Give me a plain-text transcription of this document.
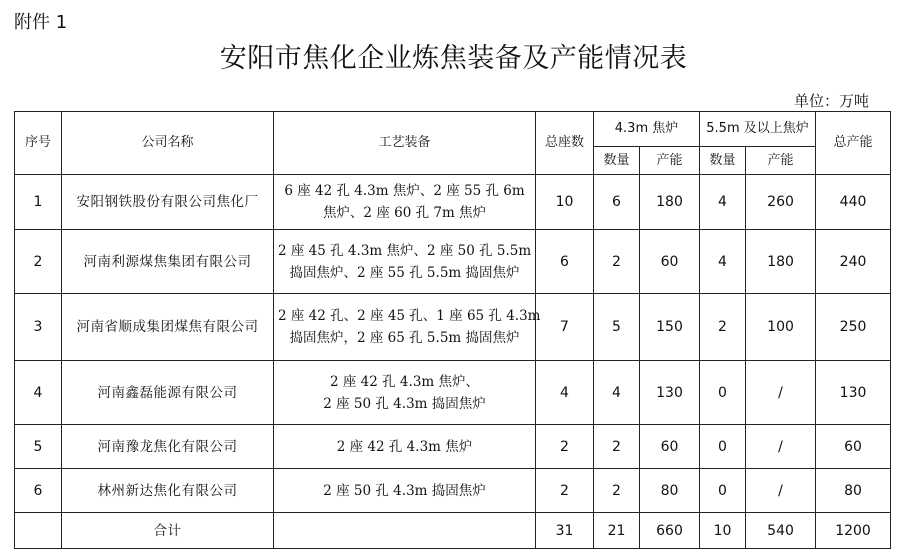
附件 1
安阳市焦化企业炼焦装备及产能情况表
单位：万吨
序号	公司名称	工艺装备	总座数	4.3m 焦炉		5.5m 及以上焦炉		总产能
				数量	产能	数量	产能	
1	安阳钢铁股份有限公司焦化厂	6 座 42 孔 4.3m 焦炉、2 座 55 孔 6m
焦炉、2 座 60 孔 7m 焦炉	10	6	180	4	260	440
2	河南利源煤焦集团有限公司	2 座 45 孔 4.3m 焦炉、2 座 50 孔 5.5m
捣固焦炉、2 座 55 孔 5.5m 捣固焦炉	6	2	60	4	180	240
3	河南省顺成集团煤焦有限公司	2 座 42 孔、2 座 45 孔、1 座 65 孔 4.3m
捣固焦炉，2 座 65 孔 5.5m 捣固焦炉	7	5	150	2	100	250
4	河南鑫磊能源有限公司	2 座 42 孔 4.3m 焦炉、
2 座 50 孔 4.3m 捣固焦炉	4	4	130	0	/	130
5	河南豫龙焦化有限公司	2 座 42 孔 4.3m 焦炉	2	2	60	0	/	60
6	林州新达焦化有限公司	2 座 50 孔 4.3m 捣固焦炉	2	2	80	0	/	80
	合计		31	21	660	10	540	1200
